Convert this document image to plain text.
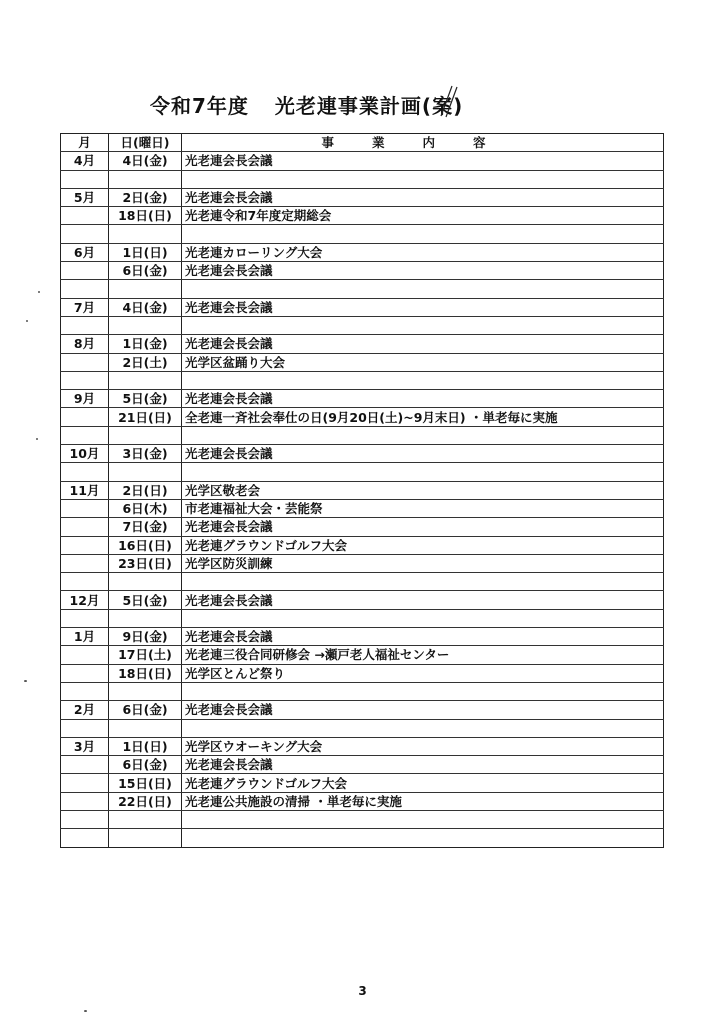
令和7年度 光老連事業計画(案)
月	日(曜日)	事業内容
4月	4日(金)	光老連会長会議

5月	2日(金)	光老連会長会議
	18日(日)	光老連令和7年度定期総会

6月	1日(日)	光老連カローリング大会
	6日(金)	光老連会長会議

7月	4日(金)	光老連会長会議

8月	1日(金)	光老連会長会議
	2日(土)	光学区盆踊り大会

9月	5日(金)	光老連会長会議
	21日(日)	全老連一斉社会奉仕の日(9月20日(土)~9月末日) ・単老毎に実施

10月	3日(金)	光老連会長会議

11月	2日(日)	光学区敬老会
	6日(木)	市老連福祉大会・芸能祭
	7日(金)	光老連会長会議
	16日(日)	光老連グラウンドゴルフ大会
	23日(日)	光学区防災訓練

12月	5日(金)	光老連会長会議

1月	9日(金)	光老連会長会議
	17日(土)	光老連三役合同研修会 →瀬戸老人福祉センター
	18日(日)	光学区とんど祭り

2月	6日(金)	光老連会長会議

3月	1日(日)	光学区ウオーキング大会
	6日(金)	光老連会長会議
	15日(日)	光老連グラウンドゴルフ大会
	22日(日)	光老連公共施設の清掃 ・単老毎に実施

3
